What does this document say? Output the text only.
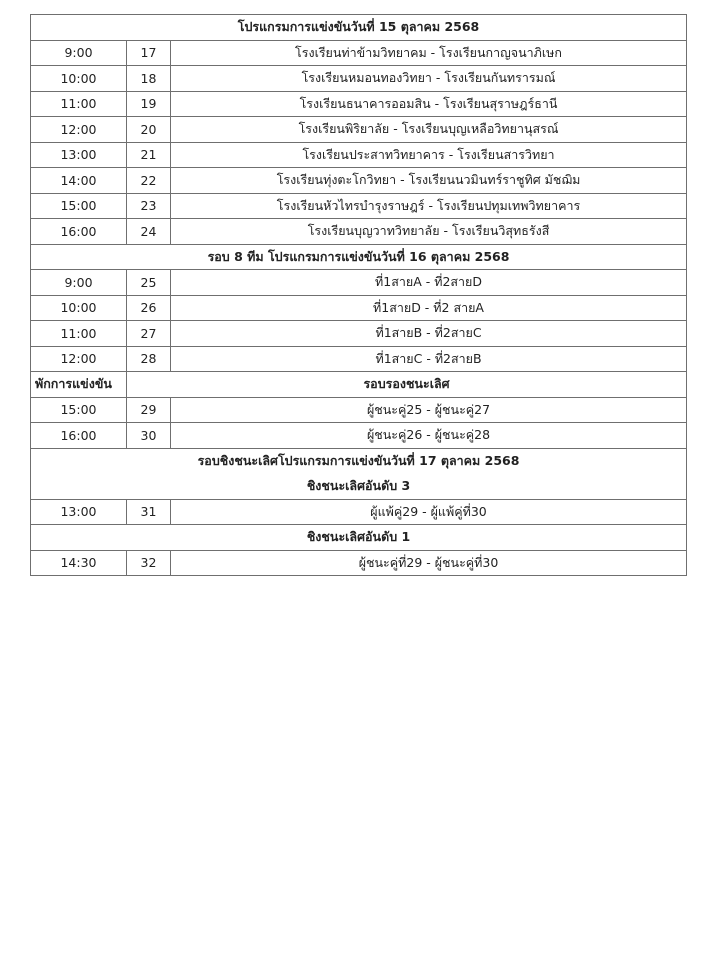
โปรแกรมการแข่งขันวันที่ 15 ตุลาคม 2568		
9:00	17	โรงเรียนท่าข้ามวิทยาคม - โรงเรียนกาญจนาภิเษก
10:00	18	โรงเรียนหมอนทองวิทยา - โรงเรียนกันทรารมณ์
11:00	19	โรงเรียนธนาคารออมสิน - โรงเรียนสุราษฎร์ธานี
12:00	20	โรงเรียนพิริยาลัย - โรงเรียนบุญเหลือวิทยานุสรณ์
13:00	21	โรงเรียนประสาทวิทยาคาร - โรงเรียนสารวิทยา
14:00	22	โรงเรียนทุ่งตะโกวิทยา - โรงเรียนนวมินทร์ราชูทิศ มัชฌิม
15:00	23	โรงเรียนหัวไทรบำรุงราษฎร์ - โรงเรียนปทุมเทพวิทยาคาร
16:00	24	โรงเรียนบุญวาทวิทยาลัย - โรงเรียนวิสุทธรังสี
รอบ 8 ทีม โปรแกรมการแข่งขันวันที่ 16 ตุลาคม 2568		
9:00	25	ที่1สายA - ที่2สายD
10:00	26	ที่1สายD - ที่2 สายA
11:00	27	ที่1สายB - ที่2สายC
12:00	28	ที่1สายC - ที่2สายB
พักการแข่งขัน	รอบรองชนะเลิศ	
15:00	29	ผู้ชนะคู่25 - ผู้ชนะคู่27
16:00	30	ผู้ชนะคู่26 - ผู้ชนะคู่28
รอบชิงชนะเลิศโปรแกรมการแข่งขันวันที่ 17 ตุลาคม 2568		
ชิงชนะเลิศอันดับ 3		
13:00	31	ผู้แพ้คู่29 - ผู้แพ้คู่ที่30
ชิงชนะเลิศอันดับ 1		
14:30	32	ผู้ชนะคู่ที่29 - ผู้ชนะคู่ที่30
